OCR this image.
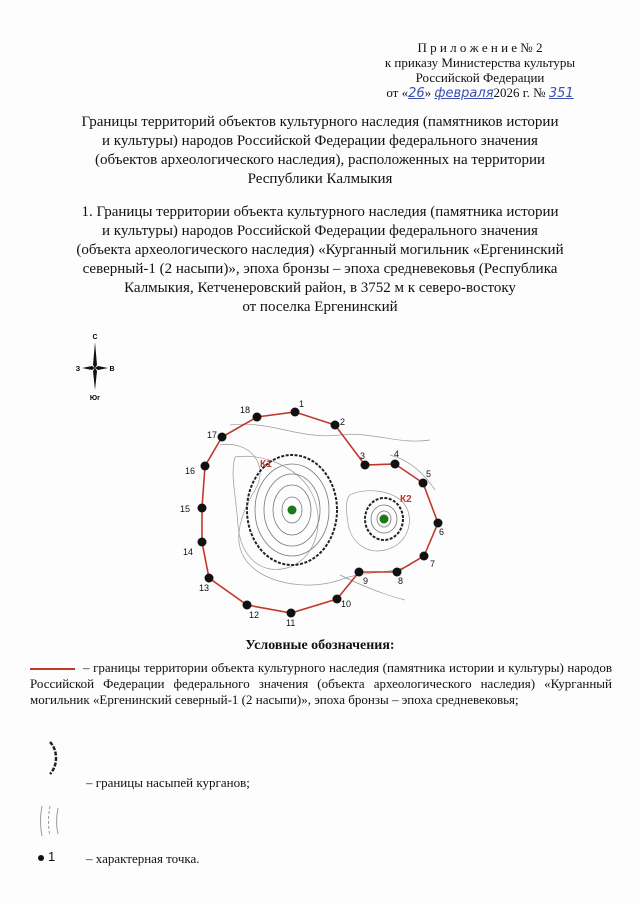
П р и л о ж е н и е № 2
к приказу Министерства культуры
Российской Федерации
от «26» февраля2026 г. № 351
Границы территорий объектов культурного наследия (памятников истории
и культуры) народов Российской Федерации федерального значения
(объектов археологического наследия), расположенных на территории
Республики Калмыкия
1. Границы территории объекта культурного наследия (памятника истории
и культуры) народов Российской Федерации федерального значения
(объекта археологического наследия) «Курганный могильник «Ергенинский
северный-1 (2 насыпи)», эпоха бронзы – эпоха средневековья (Республика
Калмыкия, Кетченеровский район, в 3752 м к северо-востоку
от поселка Ергенинский
С
З	В
Юг
К1
К2
1
2
3	4
5
6
7
8
9
10
11
12
13
14
15
16
17
18
Условные обозначения:
– границы территории объекта культурного наследия (памятника истории и культуры) народов Российской Федерации федерального значения (объекта археологического наследия) «Курганный могильник «Ергенинский северный-1 (2 насыпи)», эпоха бронзы – эпоха средневековья;
– границы насыпей курганов;
1 – характерная точка.
